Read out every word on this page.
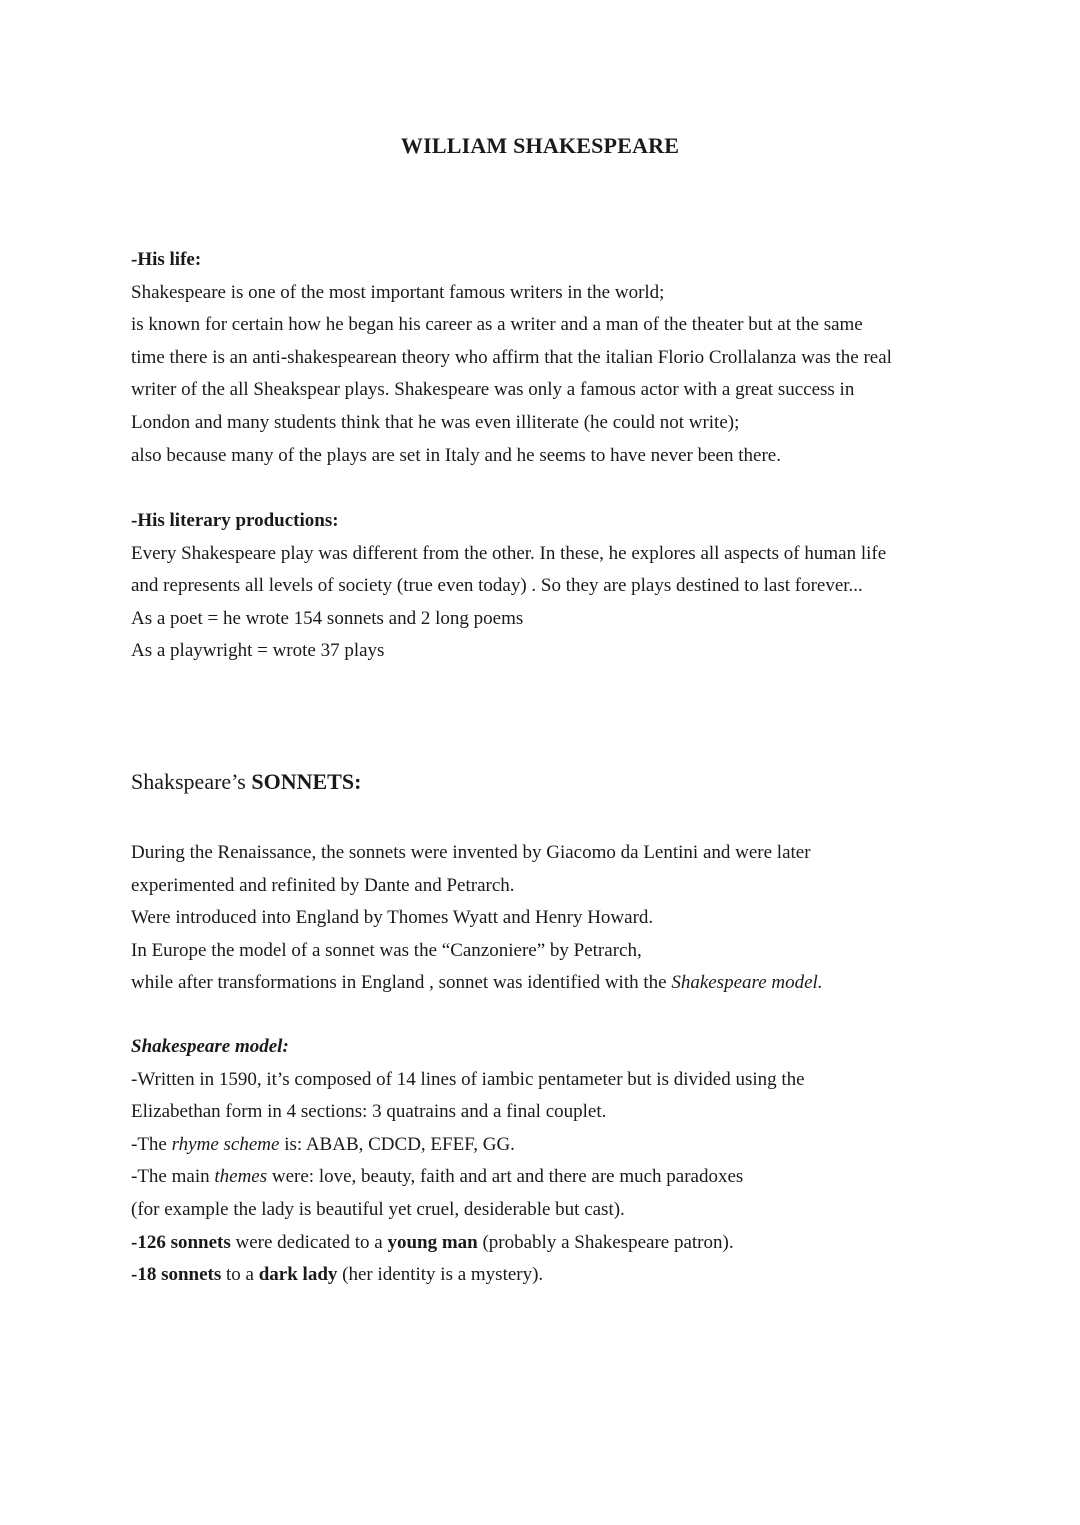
WILLIAM SHAKESPEARE

-His life:

Shakespeare is one of the most important famous writers in the world;

is known for certain how he began his career as a writer and a man of the theater but at the same

time there is an anti-shakespearean theory who affirm that the italian Florio Crollalanza was the real

writer of the all Sheakspear plays. Shakespeare was only a famous actor with a great success in

London and many students think that he was even illiterate (he could not write);

also because many of the plays are set in Italy and he seems to have never been there.

-His literary productions:

Every Shakespeare play was different from the other. In these, he explores all aspects of human life

and represents all levels of society (true even today) . So they are plays destined to last forever...

As a poet = he wrote 154 sonnets and 2 long poems

As a playwright = wrote 37 plays

Shakspeare’s SONNETS:

During the Renaissance, the sonnets were invented by Giacomo da Lentini and were later

experimented and refinited by Dante and Petrarch.

Were introduced into England by Thomes Wyatt and Henry Howard.

In Europe the model of a sonnet was the “Canzoniere” by Petrarch,

while after transformations in England , sonnet was identified with the Shakespeare model.

Shakespeare model:

-Written in 1590, it’s composed of 14 lines of iambic pentameter but is divided using the

Elizabethan form in 4 sections: 3 quatrains and a final couplet.

-The rhyme scheme is: ABAB, CDCD, EFEF, GG.

-The main themes were: love, beauty, faith and art and there are much paradoxes

(for example the lady is beautiful yet cruel, desiderable but cast).

-126 sonnets were dedicated to a young man (probably a Shakespeare patron).

-18 sonnets to a dark lady (her identity is a mystery).
